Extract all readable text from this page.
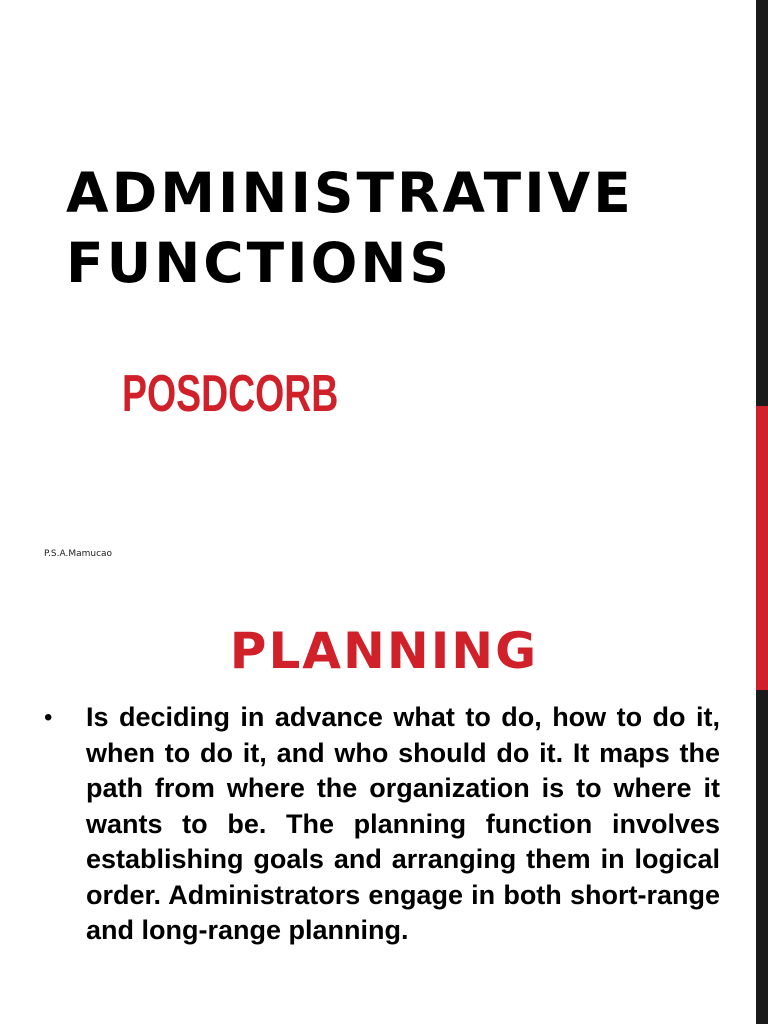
ADMINISTRATIVE
FUNCTIONS
POSDCORB
P.S.A.Mamucao
PLANNING
• Is deciding in advance what to do, how to do it, when to do it, and who should do it. It maps the path from where the organization is to where it wants to be. The planning function involves establishing goals and arranging them in logical order. Administrators engage in both short-range and long-range planning.
